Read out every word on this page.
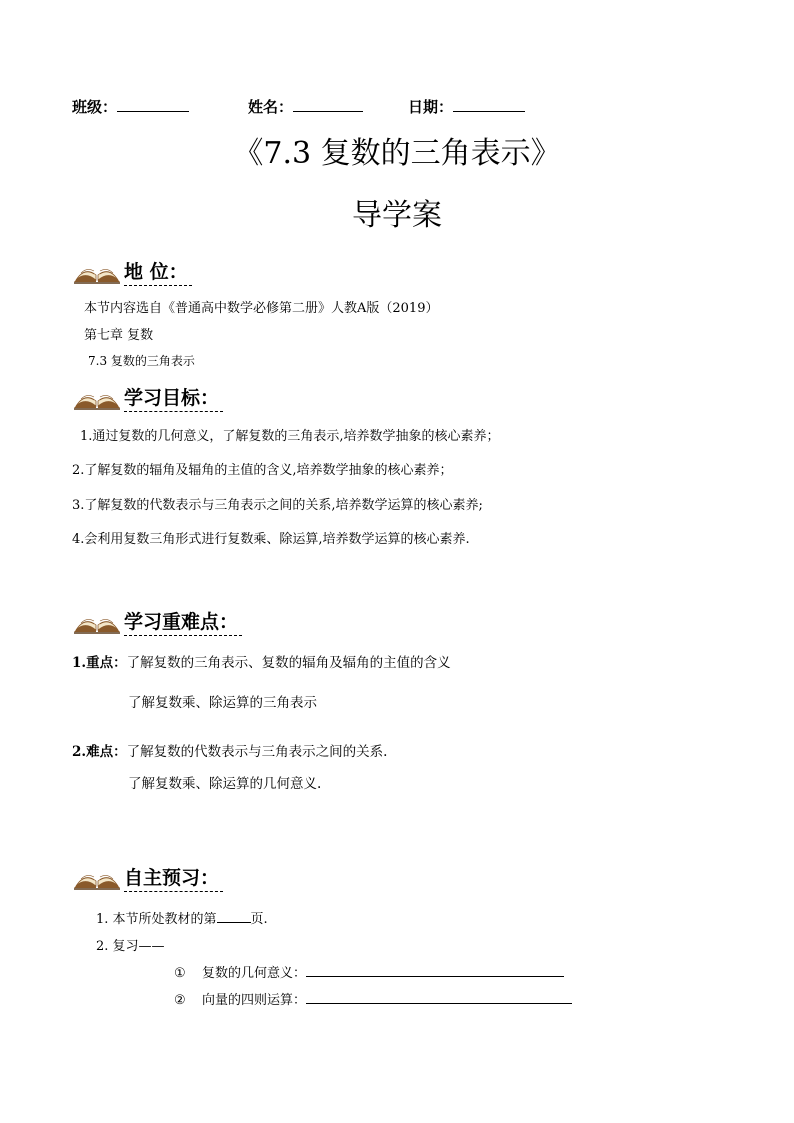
班级：	姓名：	日期：
《7.3 复数的三角表示》
导学案
地 位：
本节内容选自《普通高中数学必修第二册》人教A版（2019）
第七章 复数
7.3 复数的三角表示
学习目标：
1.通过复数的几何意义，了解复数的三角表示,培养数学抽象的核心素养；
2.了解复数的辐角及辐角的主值的含义,培养数学抽象的核心素养；
3.了解复数的代数表示与三角表示之间的关系,培养数学运算的核心素养;
4.会利用复数三角形式进行复数乘、除运算,培养数学运算的核心素养.
学习重难点：
1.重点：了解复数的三角表示、复数的辐角及辐角的主值的含义
了解复数乘、除运算的三角表示
2.难点：了解复数的代数表示与三角表示之间的关系.
了解复数乘、除运算的几何意义.
自主预习：
1. 本节所处教材的第	页.
2. 复习——
① 复数的几何意义：
② 向量的四则运算：
